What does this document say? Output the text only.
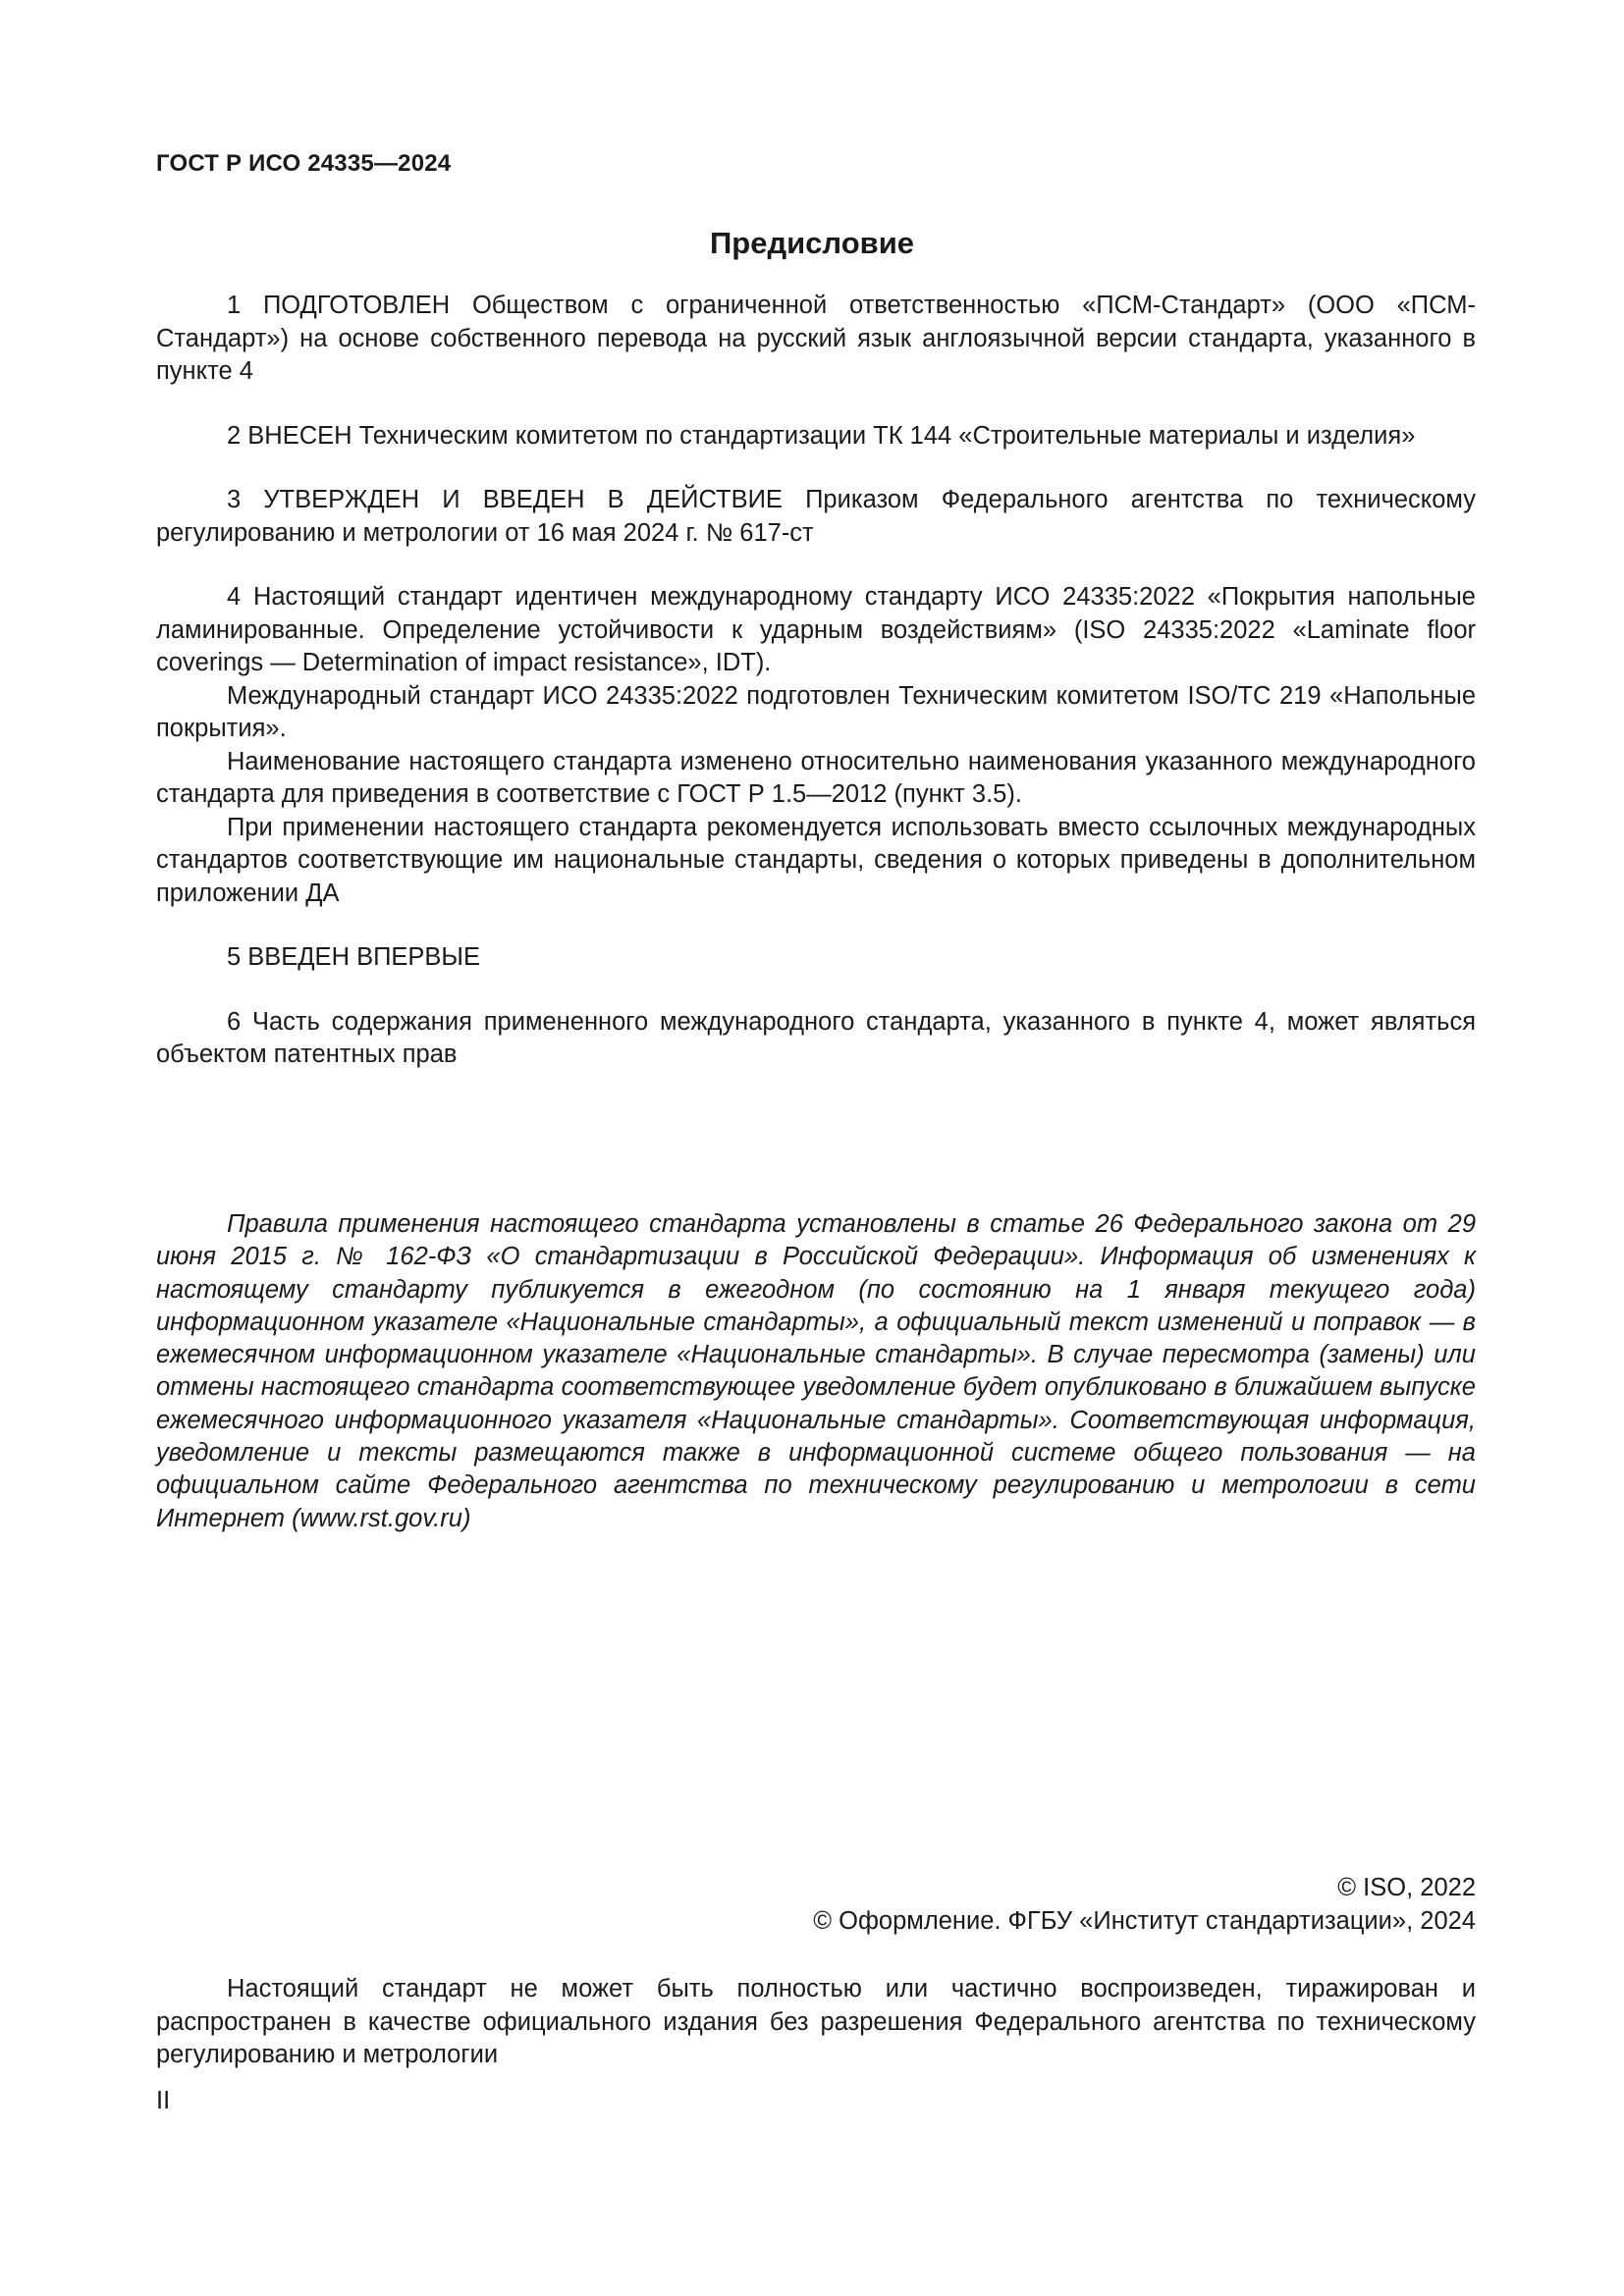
ГОСТ Р ИСО 24335—2024
Предисловие

1 ПОДГОТОВЛЕН Обществом с ограниченной ответственностью «ПСМ-Стандарт» (ООО «ПСМ-Стандарт») на основе собственного перевода на русский язык англоязычной версии стандарта, указанного в пункте 4

2 ВНЕСЕН Техническим комитетом по стандартизации ТК 144 «Строительные материалы и изделия»

3 УТВЕРЖДЕН И ВВЕДЕН В ДЕЙСТВИЕ Приказом Федерального агентства по техническому регулированию и метрологии от 16 мая 2024 г. № 617-ст

4 Настоящий стандарт идентичен международному стандарту ИСО 24335:2022 «Покрытия напольные ламинированные. Определение устойчивости к ударным воздействиям» (ISO 24335:2022 «Laminate floor coverings — Determination of impact resistance», IDT).

Международный стандарт ИСО 24335:2022 подготовлен Техническим комитетом ISO/TC 219 «Напольные покрытия».

Наименование настоящего стандарта изменено относительно наименования указанного международного стандарта для приведения в соответствие с ГОСТ Р 1.5—2012 (пункт 3.5).

При применении настоящего стандарта рекомендуется использовать вместо ссылочных международных стандартов соответствующие им национальные стандарты, сведения о которых приведены в дополнительном приложении ДА

5 ВВЕДЕН ВПЕРВЫЕ

6 Часть содержания примененного международного стандарта, указанного в пункте 4, может являться объектом патентных прав

Правила применения настоящего стандарта установлены в статье 26 Федерального закона от 29 июня 2015 г. № 162-ФЗ «О стандартизации в Российской Федерации». Информация об изменениях к настоящему стандарту публикуется в ежегодном (по состоянию на 1 января текущего года) информационном указателе «Национальные стандарты», а официальный текст изменений и поправок — в ежемесячном информационном указателе «Национальные стандарты». В случае пересмотра (замены) или отмены настоящего стандарта соответствующее уведомление будет опубликовано в ближайшем выпуске ежемесячного информационного указателя «Национальные стандарты». Соответствующая информация, уведомление и тексты размещаются также в информационной системе общего пользования — на официальном сайте Федерального агентства по техническому регулированию и метрологии в сети Интернет (www.rst.gov.ru)

© ISO, 2022
© Оформление. ФГБУ «Институт стандартизации», 2024

Настоящий стандарт не может быть полностью или частично воспроизведен, тиражирован и распространен в качестве официального издания без разрешения Федерального агентства по техническому регулированию и метрологии

II
